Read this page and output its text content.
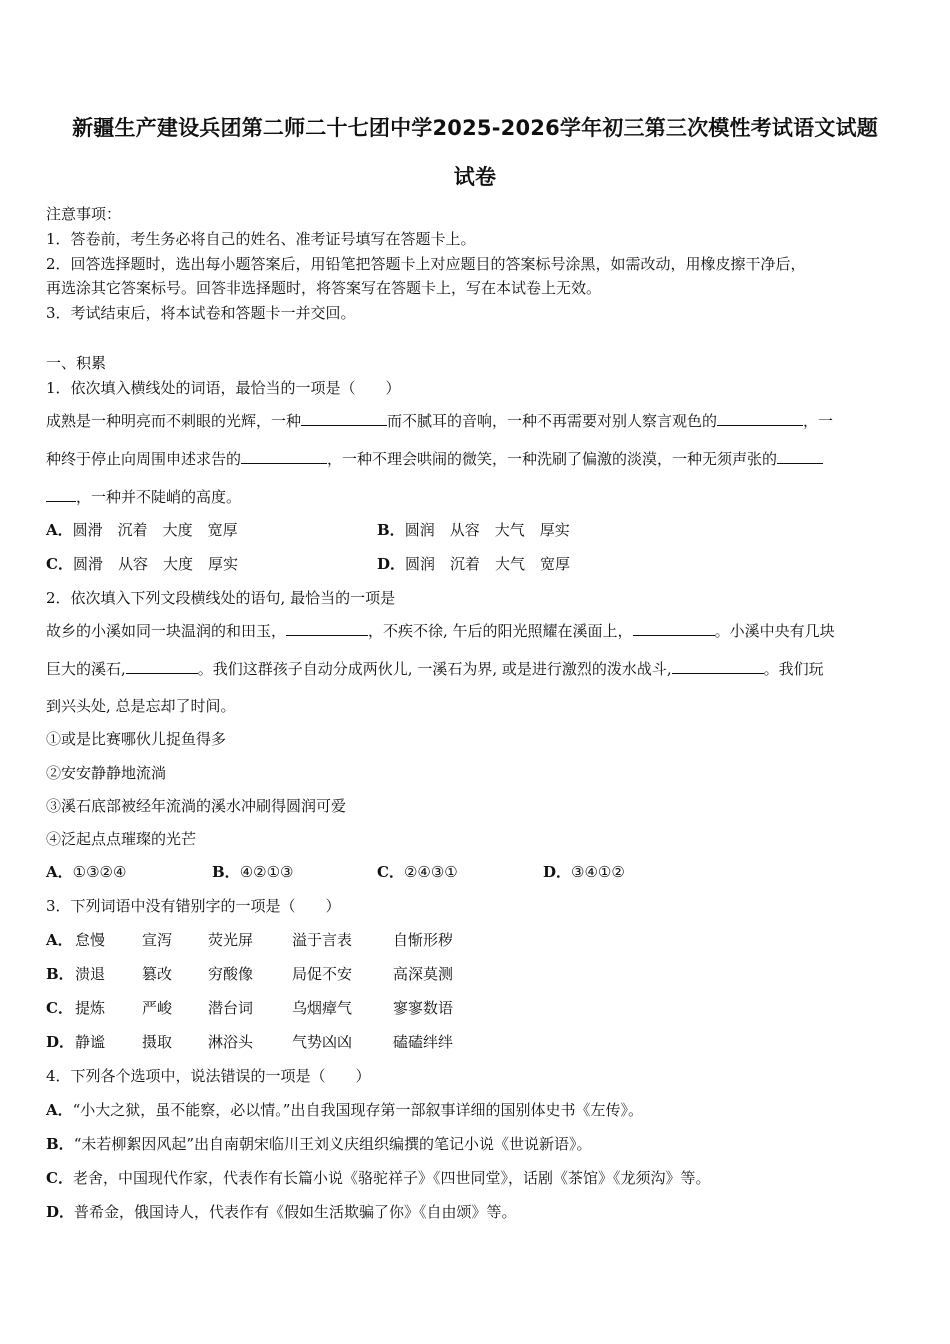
新疆生产建设兵团第二师二十七团中学2025-2026学年初三第三次模性考试语文试题
试卷
注意事项：
1．答卷前，考生务必将自己的姓名、准考证号填写在答题卡上。
2．回答选择题时，选出每小题答案后，用铅笔把答题卡上对应题目的答案标号涂黑，如需改动，用橡皮擦干净后，
再选涂其它答案标号。回答非选择题时，将答案写在答题卡上，写在本试卷上无效。
3．考试结束后，将本试卷和答题卡一并交回。
一、积累
1．依次填入横线处的词语，最恰当的一项是（　　）
成熟是一种明亮而不刺眼的光辉，一种	而不腻耳的音响，一种不再需要对别人察言观色的	，一
种终于停止向周围申述求告的	，一种不理会哄闹的微笑，一种洗刷了偏激的淡漠，一种无须声张的
，一种并不陡峭的高度。
A．圆滑　沉着　大度　宽厚	B．圆润　从容　大气　厚实
C．圆滑　从容　大度　厚实	D．圆润　沉着　大气　宽厚
2．依次填入下列文段横线处的语句, 最恰当的一项是
故乡的小溪如同一块温润的和田玉，	，不疾不徐, 午后的阳光照耀在溪面上，	。小溪中央有几块
巨大的溪石,	。我们这群孩子自动分成两伙儿, 一溪石为界, 或是进行激烈的泼水战斗,	。我们玩
到兴头处, 总是忘却了时间。
①或是比赛哪伙儿捉鱼得多
②安安静静地流淌
③溪石底部被经年流淌的溪水冲刷得圆润可爱
④泛起点点璀璨的光芒
A．①③②④	B．④②①③	C．②④③①	D．③④①②
3．下列词语中没有错别字的一项是（　　）
A． 怠慢 宣泻 荧光屏	溢于言表	自惭形秽
B． 溃退 篡改 穷酸像	局促不安	高深莫测
C． 提炼 严峻 潜台词	乌烟瘴气	寥寥数语
D． 静谧 摄取 淋浴头	气势凶凶	磕磕绊绊
4．下列各个选项中，说法错误的一项是（　　）
A．“小大之狱，虽不能察，必以情。”出自我国现存第一部叙事详细的国别体史书《左传》。
B．“未若柳絮因风起”出自南朝宋临川王刘义庆组织编撰的笔记小说《世说新语》。
C．老舍，中国现代作家，代表作有长篇小说《骆驼祥子》《四世同堂》，话剧《茶馆》《龙须沟》等。
D．普希金，俄国诗人，代表作有《假如生活欺骗了你》《自由颂》等。
